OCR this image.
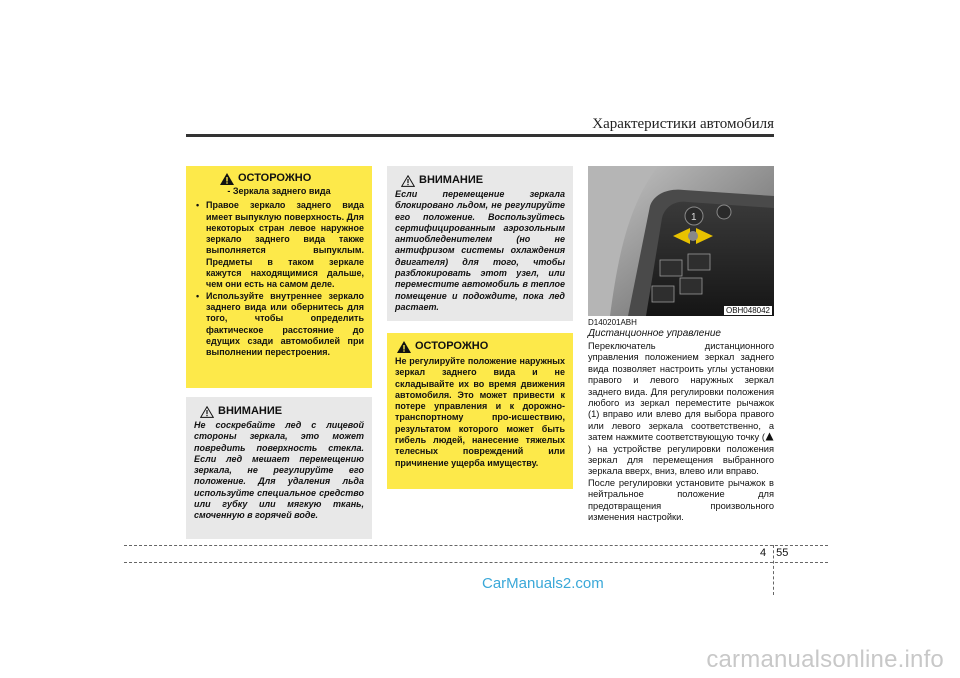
Характеристики автомобиля
ОСТОРОЖНО
- Зеркала заднего вида
• Правое зеркало заднего вида имеет выпуклую поверхность. Для некоторых стран левое наружное зеркало заднего вида также выполняется выпуклым. Предметы в таком зеркале кажутся находящимися дальше, чем они есть на самом деле.
• Используйте внутреннее зеркало заднего вида или обернитесь для того, чтобы определить фактическое расстояние до едущих сзади автомобилей при выполнении перестроения.
ВНИМАНИЕ
Не соскребайте лед с лицевой стороны зеркала, это может повредить поверхность стекла. Если лед мешает перемещению зеркала, не регулируйте его положение. Для удаления льда используйте специальное средство или губку или мягкую ткань, смоченную в горячей воде.
ВНИМАНИЕ
Если перемещение зеркала блокировано льдом, не регулируйте его положение. Воспользуйтесь сертифицированным аэрозольным антиобледенителем (но не антифризом системы охлаждения двигателя) для того, чтобы разблокировать этот узел, или переместите автомобиль в теплое помещение и подождите, пока лед растает.
ОСТОРОЖНО
Не регулируйте положение наружных зеркал заднего вида и не складывайте их во время движения автомобиля. Это может привести к потере управления и к дорожно-транспортному про-исшествию, результатом которого может быть гибель людей, нанесение тяжелых телесных повреждений или причинение ущерба имуществу.
1
OBH048042
D140201ABH
Дистанционное управление

Переключатель дистанционного управления положением зеркал заднего вида позволяет настроить углы установки правого и левого наружных зеркал заднего вида. Для регулировки положения любого из зеркал переместите рычажок (1) вправо или влево для выбора правого или левого зеркала соответственно, а затем нажмите соответствующую точку () на устройстве регулировки положения зеркал для перемещения выбранного зеркала вверх, вниз, влево или вправо.

После регулировки установите рычажок в нейтральное положение для предотвращения произвольного изменения настройки.

4 55
CarManuals2.com
carmanualsonline.info
